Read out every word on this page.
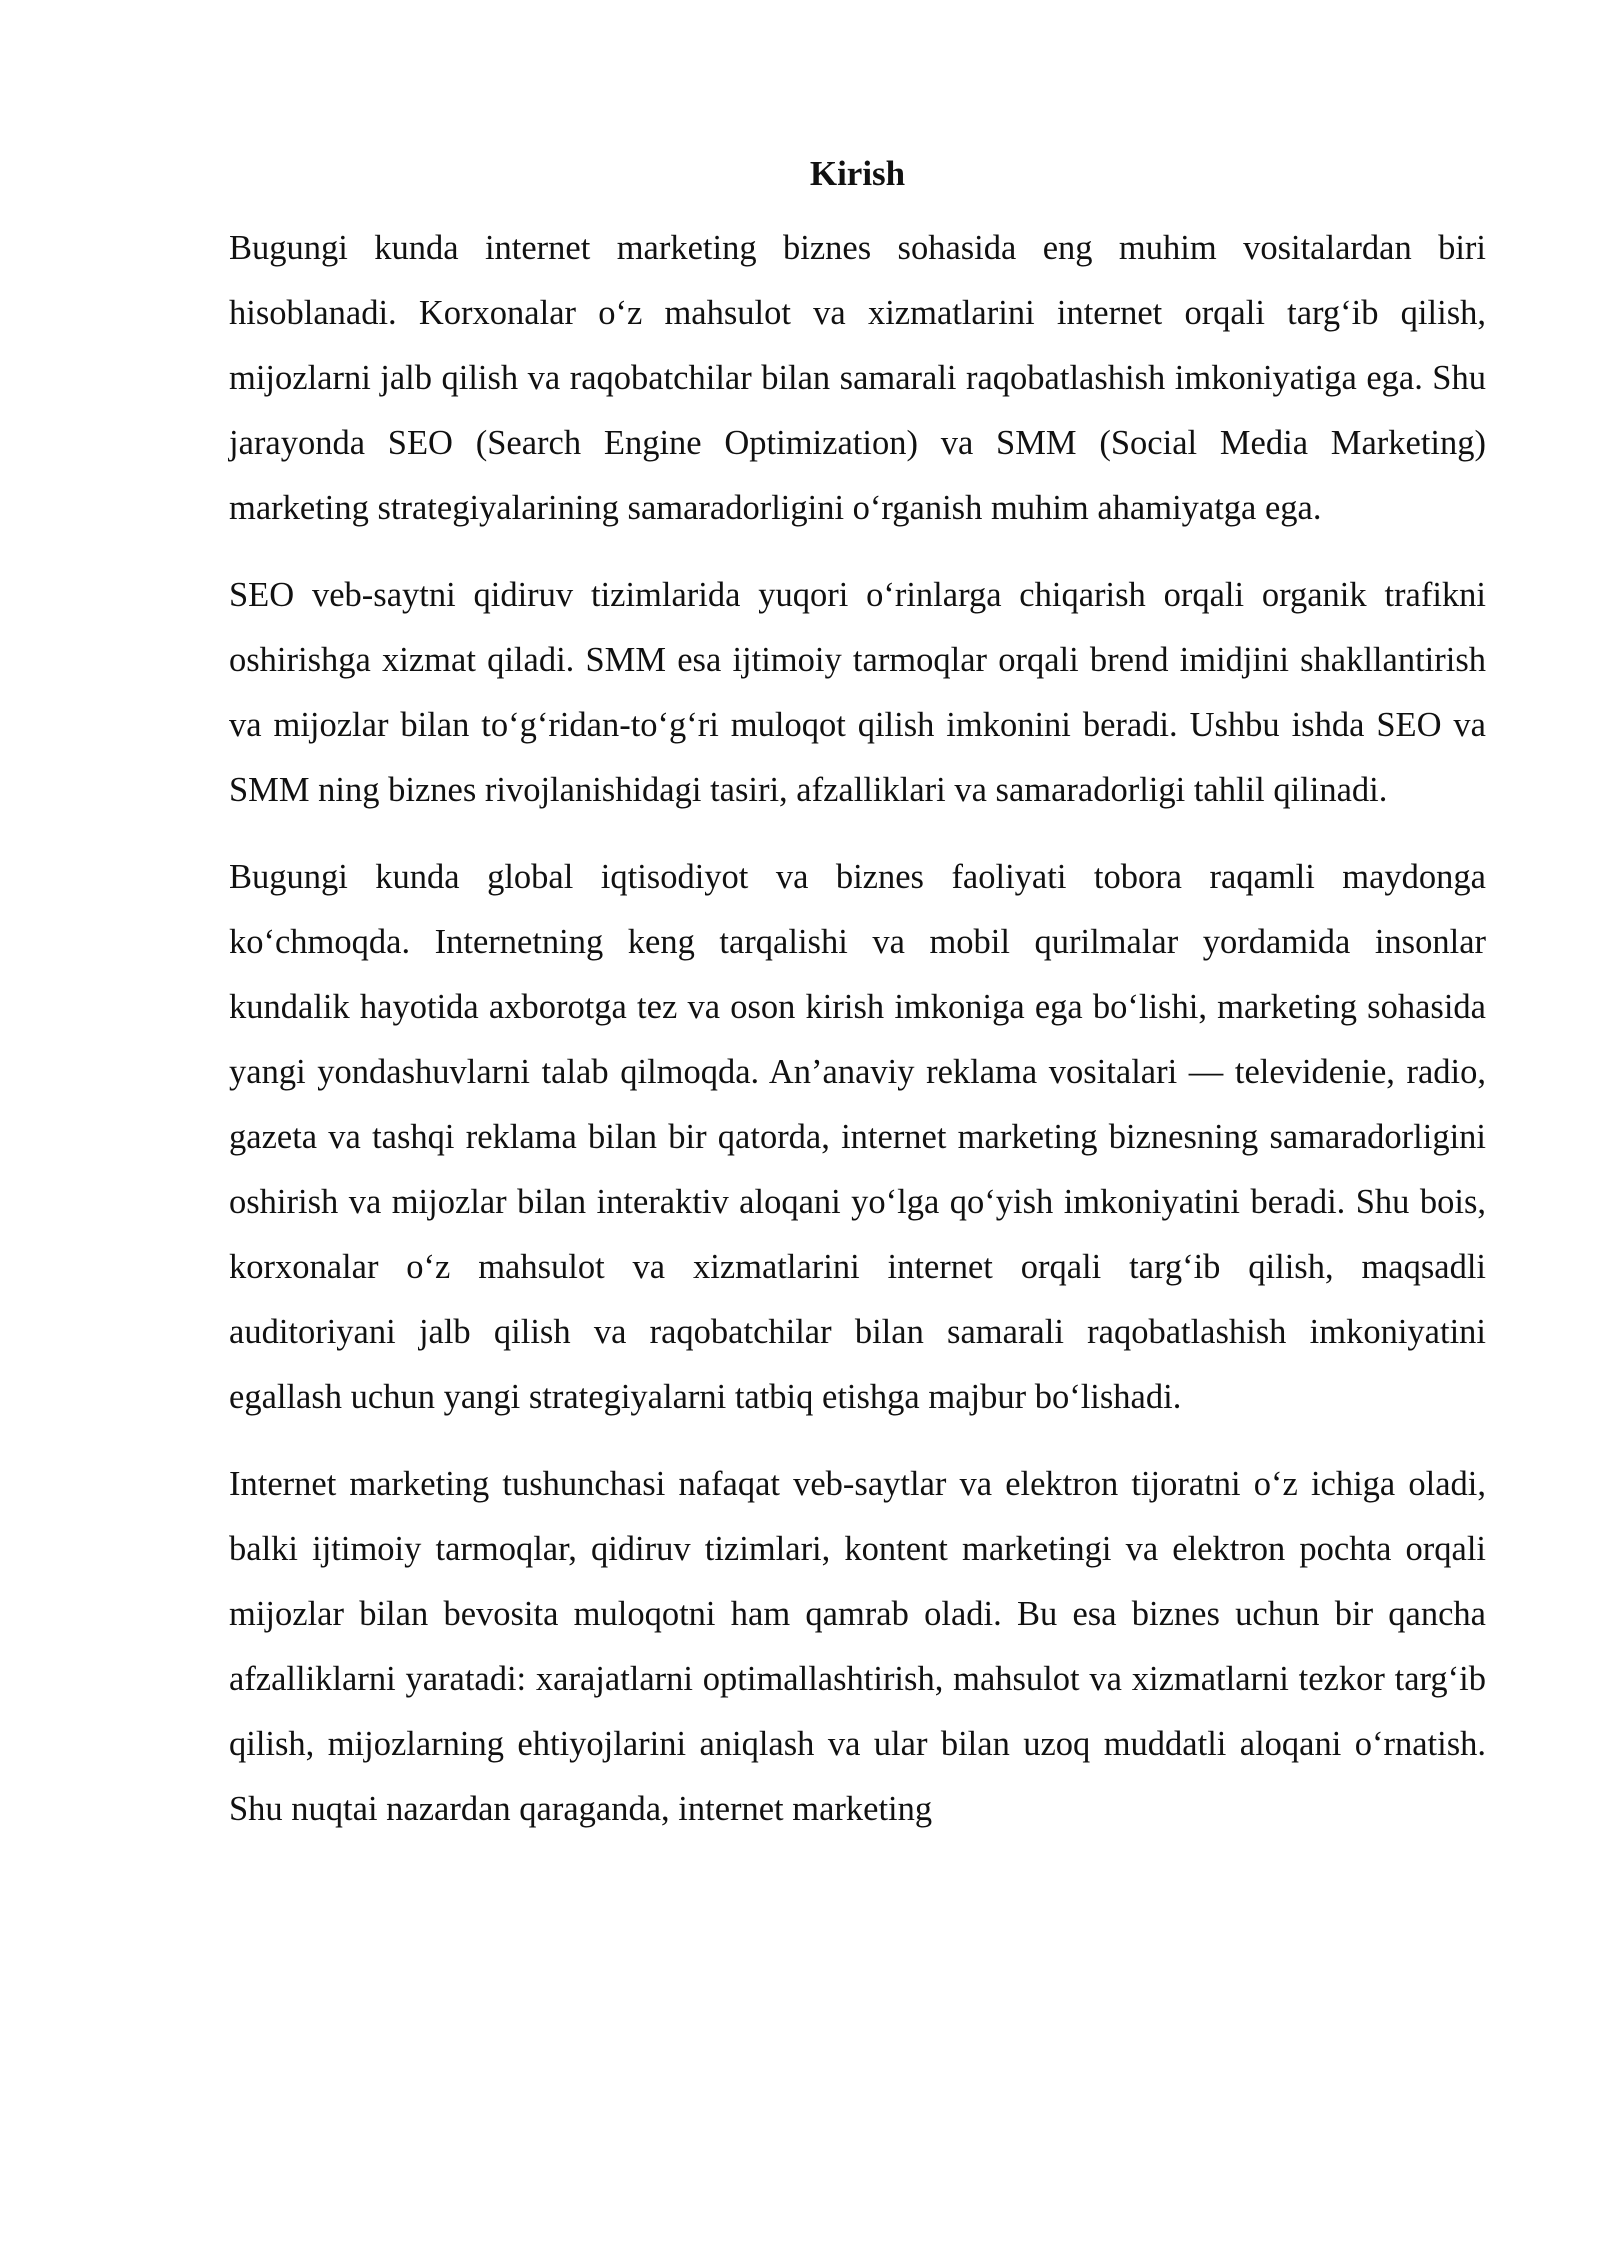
Kirish

Bugungi kunda internet marketing biznes sohasida eng muhim vositalardan biri hisoblanadi. Korxonalar oʻz mahsulot va xizmatlarini internet orqali targʻib qilish, mijozlarni jalb qilish va raqobatchilar bilan samarali raqobatlashish imkoniyatiga ega. Shu jarayonda SEO (Search Engine Optimization) va SMM (Social Media Marketing) marketing strategiyalarining samaradorligini oʻrganish muhim ahamiyatga ega.

SEO veb-saytni qidiruv tizimlarida yuqori oʻrinlarga chiqarish orqali organik trafikni oshirishga xizmat qiladi. SMM esa ijtimoiy tarmoqlar orqali brend imidjini shakllantirish va mijozlar bilan toʻgʻridan-toʻgʻri muloqot qilish imkonini beradi. Ushbu ishda SEO va SMM ning biznes rivojlanishidagi tasiri, afzalliklari va samaradorligi tahlil qilinadi.

Bugungi kunda global iqtisodiyot va biznes faoliyati tobora raqamli maydonga koʻchmoqda. Internetning keng tarqalishi va mobil qurilmalar yordamida insonlar kundalik hayotida axborotga tez va oson kirish imkoniga ega boʻlishi, marketing sohasida yangi yondashuvlarni talab qilmoqda. An’anaviy reklama vositalari — televidenie, radio, gazeta va tashqi reklama bilan bir qatorda, internet marketing biznesning samaradorligini oshirish va mijozlar bilan interaktiv aloqani yoʻlga qoʻyish imkoniyatini beradi. Shu bois, korxonalar oʻz mahsulot va xizmatlarini internet orqali targʻib qilish, maqsadli auditoriyani jalb qilish va raqobatchilar bilan samarali raqobatlashish imkoniyatini egallash uchun yangi strategiyalarni tatbiq etishga majbur boʻlishadi.

Internet marketing tushunchasi nafaqat veb-saytlar va elektron tijoratni oʻz ichiga oladi, balki ijtimoiy tarmoqlar, qidiruv tizimlari, kontent marketingi va elektron pochta orqali mijozlar bilan bevosita muloqotni ham qamrab oladi. Bu esa biznes uchun bir qancha afzalliklarni yaratadi: xarajatlarni optimallashtirish, mahsulot va xizmatlarni tezkor targʻib qilish, mijozlarning ehtiyojlarini aniqlash va ular bilan uzoq muddatli aloqani oʻrnatish. Shu nuqtai nazardan qaraganda, internet marketing
